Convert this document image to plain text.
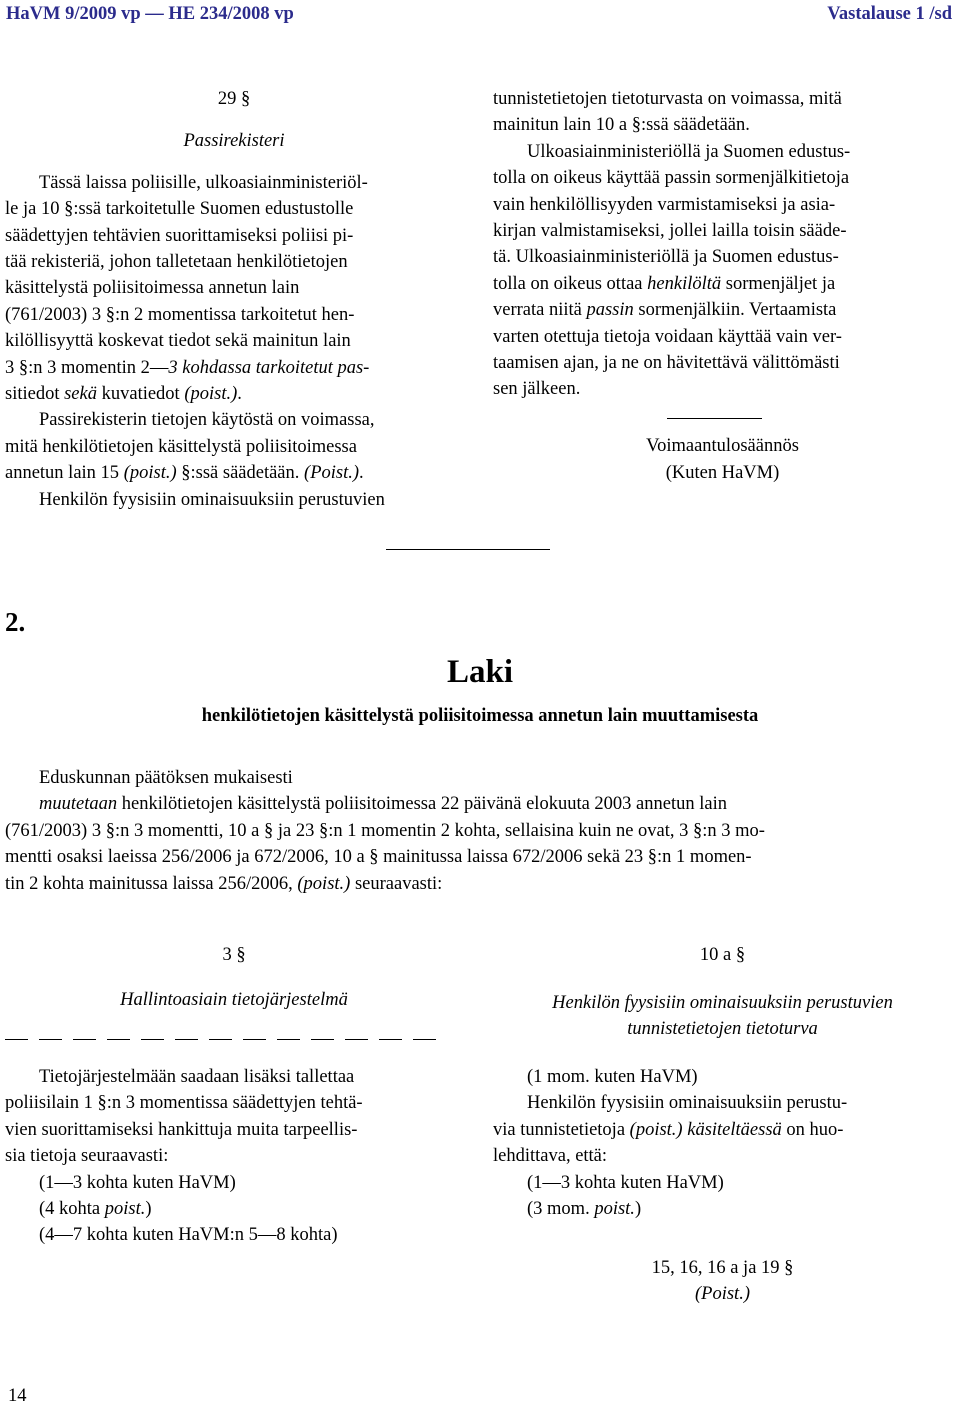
HaVM 9/2009 vp — HE 234/2008 vp	Vastalause 1 /sd

29 §

Passirekisteri

Tässä laissa poliisille, ulkoasiainministeriöl-
le ja 10 §:ssä tarkoitetulle Suomen edustustolle
säädettyjen tehtävien suorittamiseksi poliisi pi-
tää rekisteriä, johon talletetaan henkilötietojen
käsittelystä poliisitoimessa annetun lain
(761/2003) 3 §:n 2 momentissa tarkoitetut hen-
kilöllisyyttä koskevat tiedot sekä mainitun lain
3 §:n 3 momentin 2—3 kohdassa tarkoitetut pas-
sitiedot sekä kuvatiedot (poist.).
Passirekisterin tietojen käytöstä on voimassa,
mitä henkilötietojen käsittelystä poliisitoimessa
annetun lain 15 (poist.) §:ssä säädetään. (Poist.).
Henkilön fyysisiin ominaisuuksiin perustuvien
tunnistetietojen tietoturvasta on voimassa, mitä
mainitun lain 10 a §:ssä säädetään.
Ulkoasiainministeriöllä ja Suomen edustus-
tolla on oikeus käyttää passin sormenjälkitietoja
vain henkilöllisyyden varmistamiseksi ja asia-
kirjan valmistamiseksi, jollei lailla toisin sääde-
tä. Ulkoasiainministeriöllä ja Suomen edustus-
tolla on oikeus ottaa henkilöltä sormenjäljet ja
verrata niitä passin sormenjälkiin. Vertaamista
varten otettuja tietoja voidaan käyttää vain ver-
taamisen ajan, ja ne on hävitettävä välittömästi
sen jälkeen.
Voimaantulosäännös
(Kuten HaVM)
2.
Laki
henkilötietojen käsittelystä poliisitoimessa annetun lain muuttamisesta
Eduskunnan päätöksen mukaisesti
muutetaan henkilötietojen käsittelystä poliisitoimessa 22 päivänä elokuuta 2003 annetun lain
(761/2003) 3 §:n 3 momentti, 10 a § ja 23 §:n 1 momentin 2 kohta, sellaisina kuin ne ovat, 3 §:n 3 mo-
mentti osaksi laeissa 256/2006 ja 672/2006, 10 a § mainitussa laissa 672/2006 sekä 23 §:n 1 momen-
tin 2 kohta mainitussa laissa 256/2006, (poist.) seuraavasti:
3 §
Hallintoasiain tietojärjestelmä
Tietojärjestelmään saadaan lisäksi tallettaa
poliisilain 1 §:n 3 momentissa säädettyjen tehtä-
vien suorittamiseksi hankittuja muita tarpeellis-
sia tietoja seuraavasti:
(1—3 kohta kuten HaVM)
(4 kohta poist.)
(4—7 kohta kuten HaVM:n 5—8 kohta)
10 a §
Henkilön fyysisiin ominaisuuksiin perustuvien
tunnistetietojen tietoturva
(1 mom. kuten HaVM)
Henkilön fyysisiin ominaisuuksiin perustu-
via tunnistetietoja (poist.) käsiteltäessä on huo-
lehdittava, että:
(1—3 kohta kuten HaVM)
(3 mom. poist.)
15, 16, 16 a ja 19 §
(Poist.)
14
